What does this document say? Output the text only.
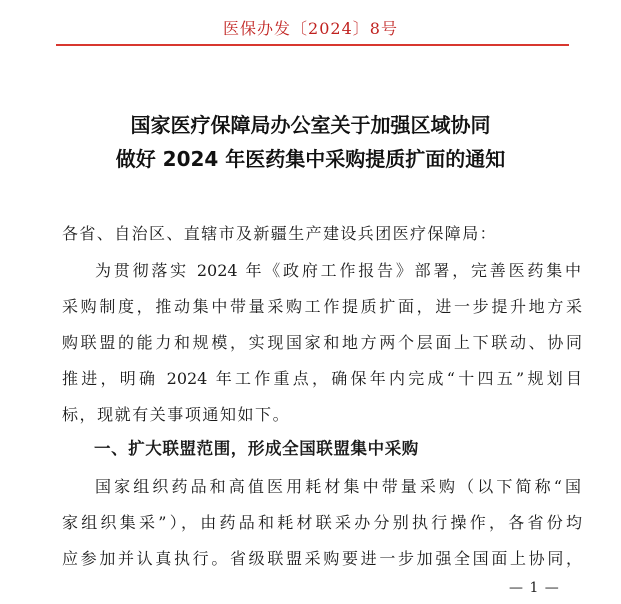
医保办发〔2024〕8号
国家医疗保障局办公室关于加强区域协同
做好 2024 年医药集中采购提质扩面的通知
各省、自治区、直辖市及新疆生产建设兵团医疗保障局：
为贯彻落实 2024 年《政府工作报告》部署，完善医药集中
采购制度，推动集中带量采购工作提质扩面，进一步提升地方采
购联盟的能力和规模，实现国家和地方两个层面上下联动、协同
推进，明确 2024 年工作重点，确保年内完成“十四五”规划目
标，现就有关事项通知如下。
一、扩大联盟范围，形成全国联盟集中采购
国家组织药品和高值医用耗材集中带量采购（以下简称“国
家组织集采”），由药品和耗材联采办分别执行操作，各省份均
应参加并认真执行。省级联盟采购要进一步加强全国面上协同，
— 1 —
